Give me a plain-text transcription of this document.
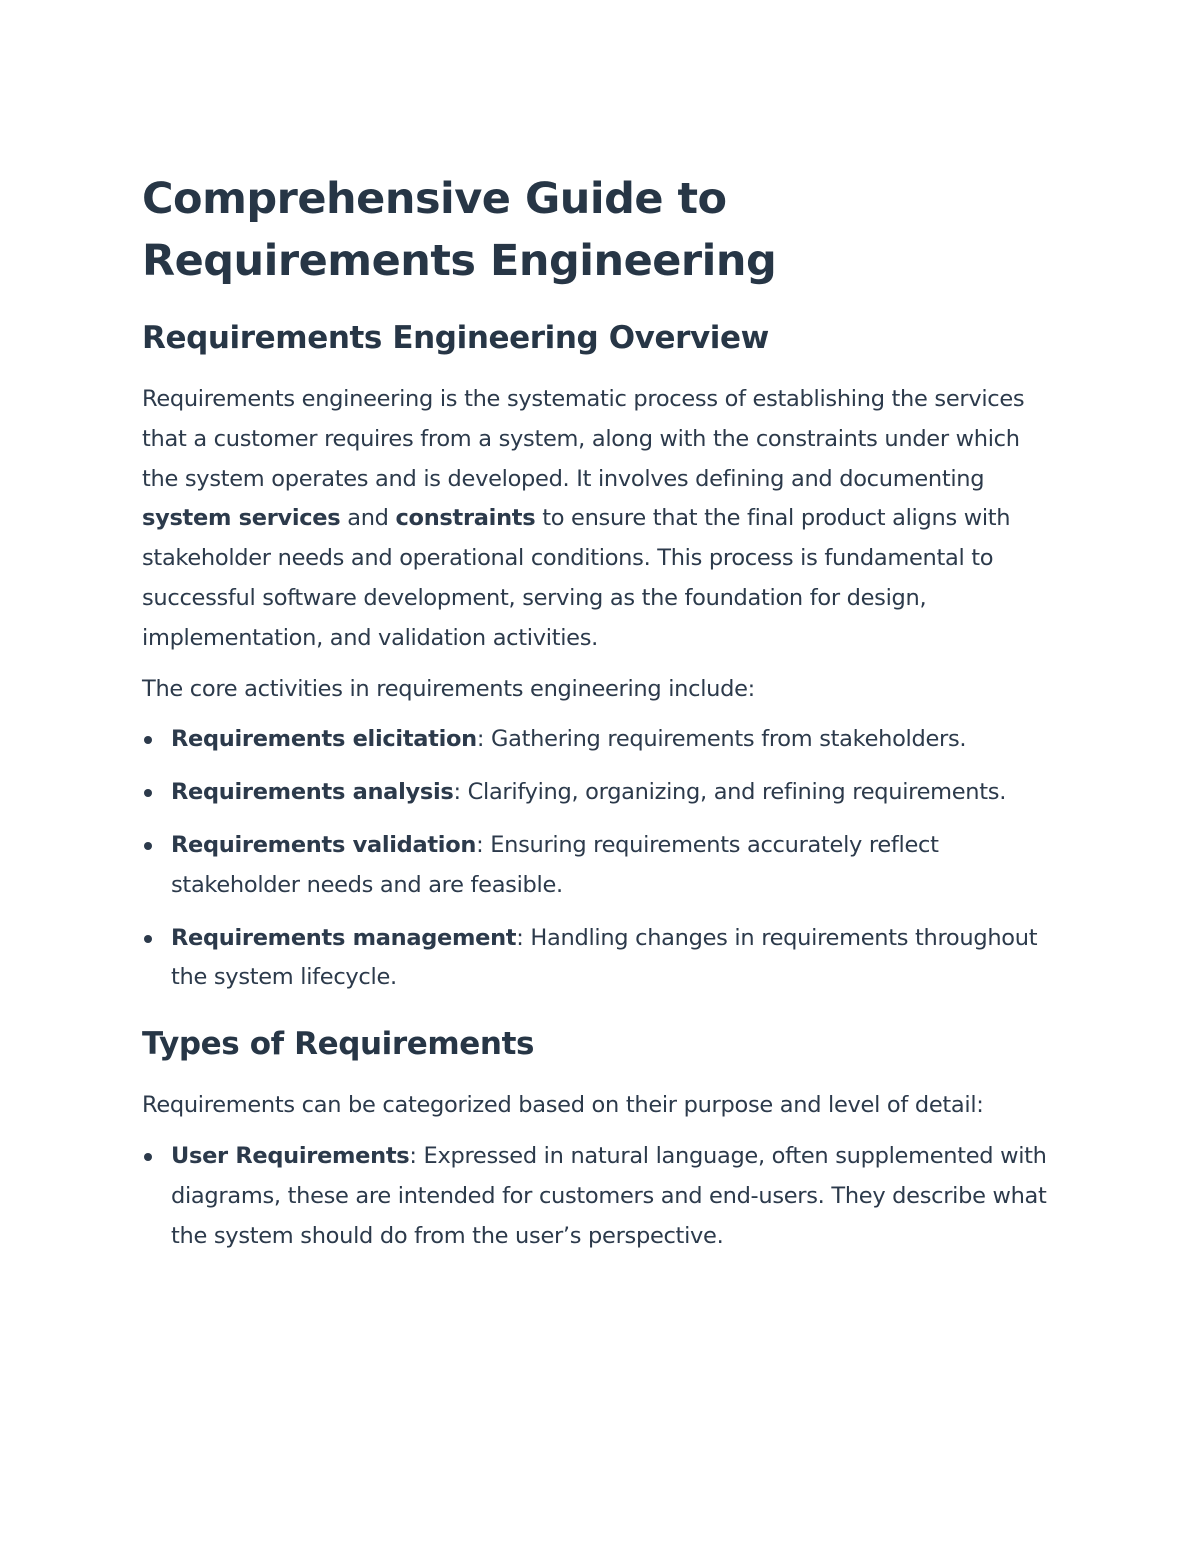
Comprehensive Guide to Requirements Engineering
Requirements Engineering Overview

Requirements engineering is the systematic process of establishing the services that a customer requires from a system, along with the constraints under which the system operates and is developed. It involves defining and documenting system services and constraints to ensure that the final product aligns with stakeholder needs and operational conditions. This process is fundamental to successful software development, serving as the foundation for design, implementation, and validation activities.

The core activities in requirements engineering include:

Requirements elicitation: Gathering requirements from stakeholders.
Requirements analysis: Clarifying, organizing, and refining requirements.
Requirements validation: Ensuring requirements accurately reflect stakeholder needs and are feasible.
Requirements management: Handling changes in requirements throughout the system lifecycle.
Types of Requirements

Requirements can be categorized based on their purpose and level of detail:

User Requirements: Expressed in natural language, often supplemented with diagrams, these are intended for customers and end-users. They describe what the system should do from the user’s perspective.
